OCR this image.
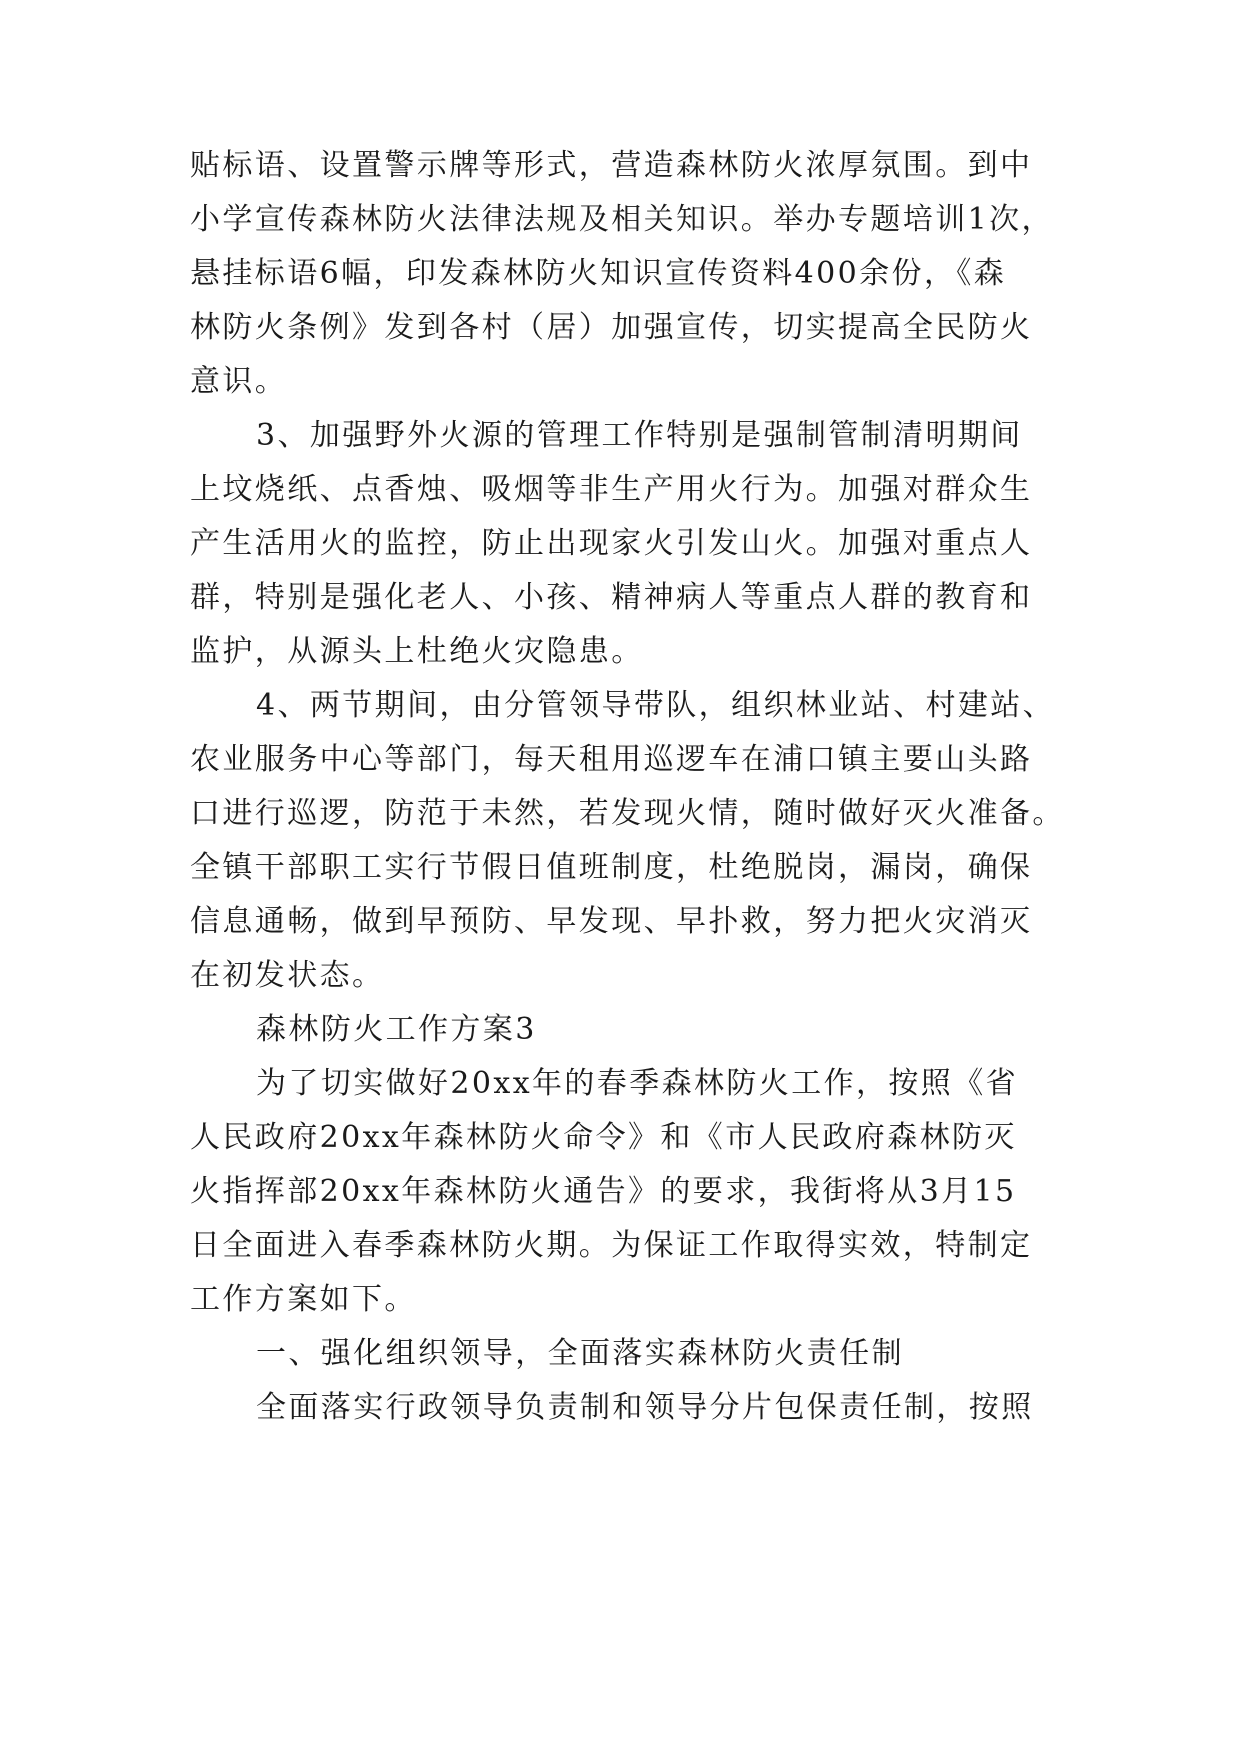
贴标语、设置警示牌等形式，营造森林防火浓厚氛围。到中

小学宣传森林防火法律法规及相关知识。举办专题培训1次，

悬挂标语6幅，印发森林防火知识宣传资料400余份，《森

林防火条例》发到各村（居）加强宣传，切实提高全民防火

意识。

3、加强野外火源的管理工作特别是强制管制清明期间

上坟烧纸、点香烛、吸烟等非生产用火行为。加强对群众生

产生活用火的监控，防止出现家火引发山火。加强对重点人

群，特别是强化老人、小孩、精神病人等重点人群的教育和

监护，从源头上杜绝火灾隐患。

4、两节期间，由分管领导带队，组织林业站、村建站、

农业服务中心等部门，每天租用巡逻车在浦口镇主要山头路

口进行巡逻，防范于未然，若发现火情，随时做好灭火准备。

全镇干部职工实行节假日值班制度，杜绝脱岗，漏岗，确保

信息通畅，做到早预防、早发现、早扑救，努力把火灾消灭

在初发状态。

森林防火工作方案3

为了切实做好20xx年的春季森林防火工作，按照《省

人民政府20xx年森林防火命令》和《市人民政府森林防灭

火指挥部20xx年森林防火通告》的要求，我街将从3月15

日全面进入春季森林防火期。为保证工作取得实效，特制定

工作方案如下。

一、强化组织领导，全面落实森林防火责任制

全面落实行政领导负责制和领导分片包保责任制，按照
